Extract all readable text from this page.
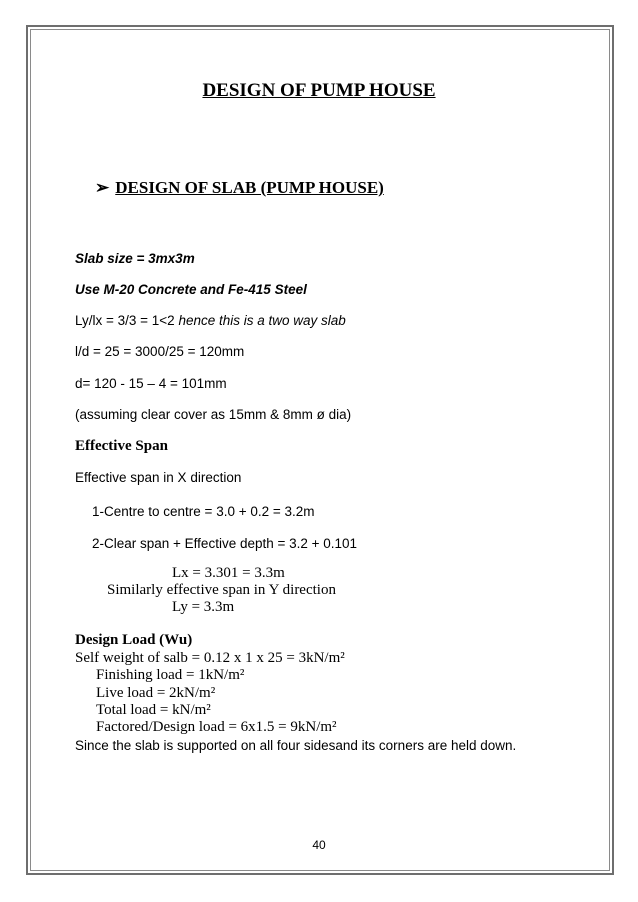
DESIGN OF PUMP HOUSE
➢ DESIGN OF SLAB (PUMP HOUSE)
Slab size = 3mx3m
Use M-20 Concrete and Fe-415 Steel
Ly/lx = 3/3 = 1<2 hence this is a two way slab
l/d = 25 = 3000/25 = 120mm
d= 120 - 15 – 4 = 101mm
(assuming clear cover as 15mm & 8mm ø dia)
Effective Span
Effective span in X direction
1-Centre to centre = 3.0 + 0.2 = 3.2m
2-Clear span + Effective depth = 3.2 + 0.101
Lx = 3.301 = 3.3m
Similarly effective span in Y direction
Ly = 3.3m
Design Load (Wu)
Self weight of salb = 0.12 x 1 x 25 = 3kN/m²
Finishing load = 1kN/m²
Live load = 2kN/m²
Total load = kN/m²
Factored/Design load = 6x1.5 = 9kN/m²
Since the slab is supported on all four sidesand its corners are held down.
40
